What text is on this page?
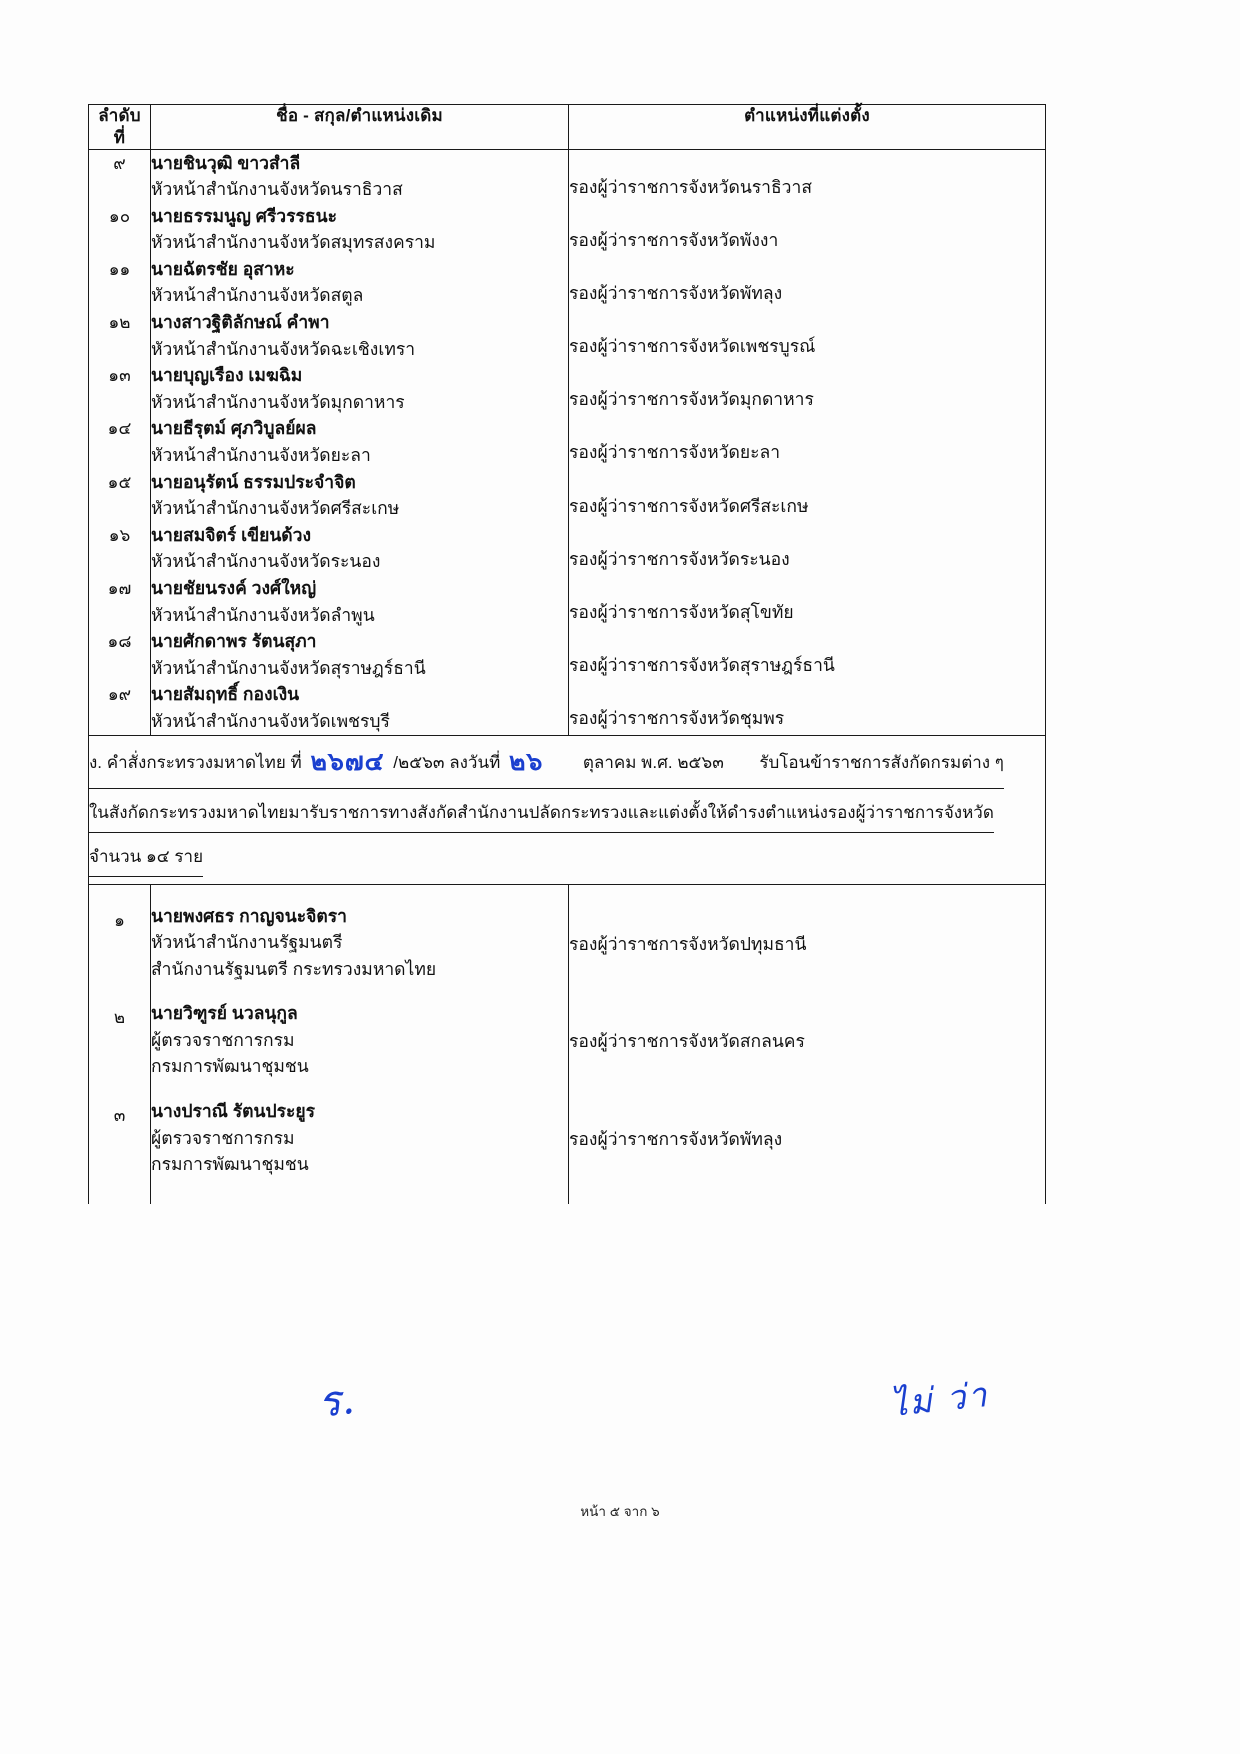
ลำดับ
ที่	ชื่อ - สกุล/ตำแหน่งเดิม	ตำแหน่งที่แต่งตั้ง
๙	นายชินวุฒิ ขาวสำลี
หัวหน้าสำนักงานจังหวัดนราธิวาส	รองผู้ว่าราชการจังหวัดนราธิวาส

๑๐	นายธรรมนูญ ศรีวรรธนะ
หัวหน้าสำนักงานจังหวัดสมุทรสงคราม	รองผู้ว่าราชการจังหวัดพังงา

๑๑	นายฉัตรชัย อุสาหะ
หัวหน้าสำนักงานจังหวัดสตูล	รองผู้ว่าราชการจังหวัดพัทลุง

๑๒	นางสาวฐิติลักษณ์ คำพา
หัวหน้าสำนักงานจังหวัดฉะเชิงเทรา	รองผู้ว่าราชการจังหวัดเพชรบูรณ์

๑๓	นายบุญเรือง เมฆฉิม
หัวหน้าสำนักงานจังหวัดมุกดาหาร	รองผู้ว่าราชการจังหวัดมุกดาหาร

๑๔	นายธีรุตม์ ศุภวิบูลย์ผล
หัวหน้าสำนักงานจังหวัดยะลา	รองผู้ว่าราชการจังหวัดยะลา

๑๕	นายอนุรัตน์ ธรรมประจำจิต
หัวหน้าสำนักงานจังหวัดศรีสะเกษ	รองผู้ว่าราชการจังหวัดศรีสะเกษ

๑๖	นายสมจิตร์ เขียนด้วง
หัวหน้าสำนักงานจังหวัดระนอง	รองผู้ว่าราชการจังหวัดระนอง

๑๗	นายชัยนรงค์ วงศ์ใหญ่
หัวหน้าสำนักงานจังหวัดลำพูน	รองผู้ว่าราชการจังหวัดสุโขทัย

๑๘	นายศักดาพร รัตนสุภา
หัวหน้าสำนักงานจังหวัดสุราษฎร์ธานี	รองผู้ว่าราชการจังหวัดสุราษฎร์ธานี

๑๙	นายสัมฤทธิ์ กองเงิน
หัวหน้าสำนักงานจังหวัดเพชรบุรี	รองผู้ว่าราชการจังหวัดชุมพร

ง. คำสั่งกระทรวงมหาดไทย ที่ ๒๖๗๔ /๒๕๖๓ ลงวันที่ ๒๖ ตุลาคม พ.ศ. ๒๕๖๓ รับโอนข้าราชการสังกัดกรมต่าง ๆ
ในสังกัดกระทรวงมหาดไทยมารับราชการทางสังกัดสำนักงานปลัดกระทรวงและแต่งตั้งให้ดำรงตำแหน่งรองผู้ว่าราชการจังหวัด
จำนวน ๑๔ ราย		

๑	นายพงศธร กาญจนะจิตรา
หัวหน้าสำนักงานรัฐมนตรี
สำนักงานรัฐมนตรี กระทรวงมหาดไทย	รองผู้ว่าราชการจังหวัดปทุมธานี

๒	นายวิฑูรย์ นวลนุกูล
ผู้ตรวจราชการกรม
กรมการพัฒนาชุมชน	รองผู้ว่าราชการจังหวัดสกลนคร

๓	นางปราณี รัตนประยูร
ผู้ตรวจราชการกรม
กรมการพัฒนาชุมชน	รองผู้ว่าราชการจังหวัดพัทลุง
ร.	ไม่ ว่า
หน้า ๕ จาก ๖
